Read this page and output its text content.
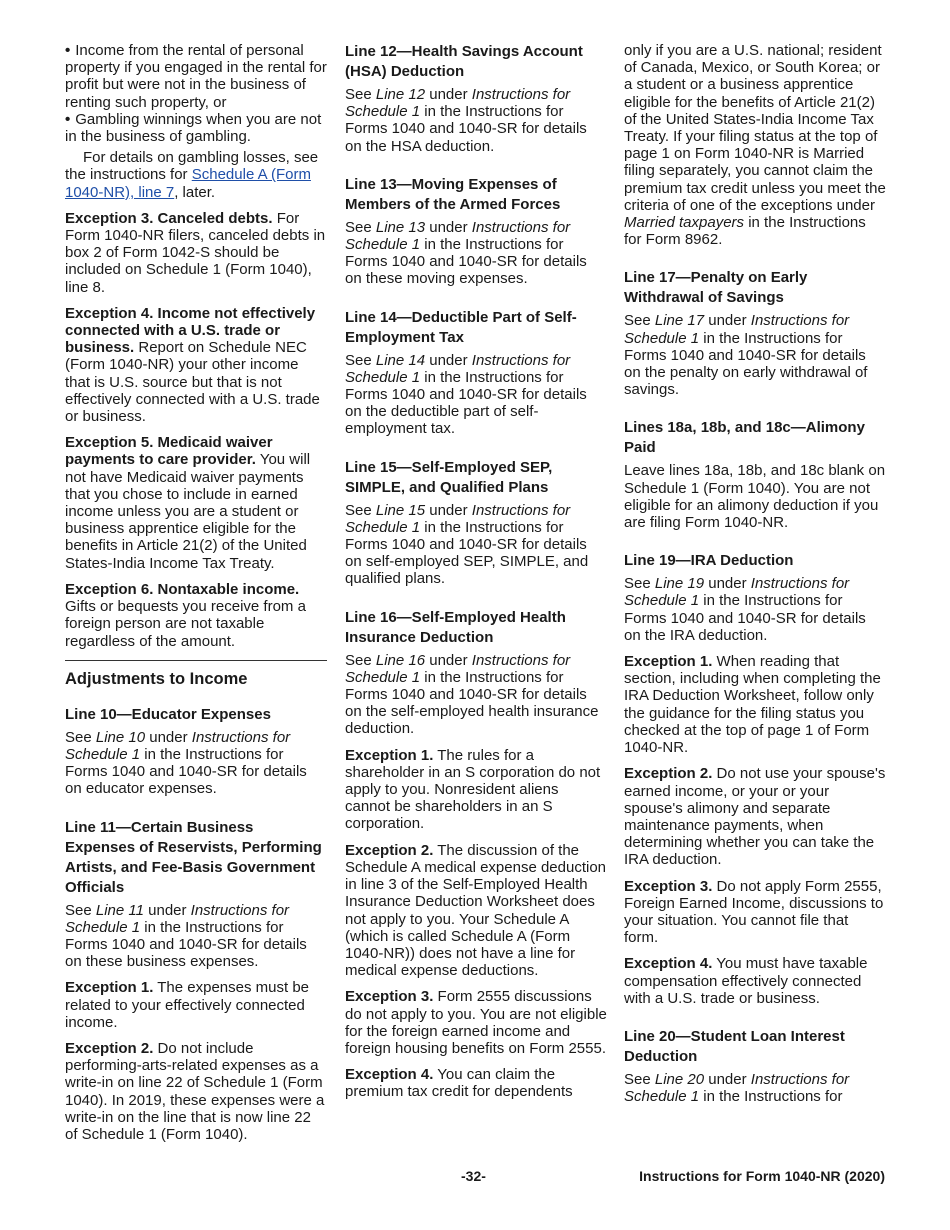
• Income from the rental of personal property if you engaged in the rental for profit but were not in the business of renting such property, or

• Gambling winnings when you are not in the business of gambling.

For details on gambling losses, see the instructions for Schedule A (Form 1040-NR), line 7, later.

Exception 3. Canceled debts. For Form 1040-NR filers, canceled debts in box 2 of Form 1042-S should be included on Schedule 1 (Form 1040), line 8.

Exception 4. Income not effectively connected with a U.S. trade or business. Report on Schedule NEC (Form 1040-NR) your other income that is U.S. source but that is not effectively connected with a U.S. trade or business.

Exception 5. Medicaid waiver payments to care provider. You will not have Medicaid waiver payments that you chose to include in earned income unless you are a student or business apprentice eligible for the benefits in Article 21(2) of the United States-India Income Tax Treaty.

Exception 6. Nontaxable income. Gifts or bequests you receive from a foreign person are not taxable regardless of the amount.

Adjustments to Income
Line 10—Educator Expenses

See Line 10 under Instructions for Schedule 1 in the Instructions for Forms 1040 and 1040-SR for details on educator expenses.

Line 11—Certain Business Expenses of Reservists, Performing Artists, and Fee-Basis Government Officials

See Line 11 under Instructions for Schedule 1 in the Instructions for Forms 1040 and 1040-SR for details on these business expenses.

Exception 1. The expenses must be related to your effectively connected income.

Exception 2. Do not include performing-arts-related expenses as a write-in on line 22 of Schedule 1 (Form 1040). In 2019, these expenses were a write-in on the line that is now line 22 of Schedule 1 (Form 1040).

Line 12—Health Savings Account (HSA) Deduction

See Line 12 under Instructions for Schedule 1 in the Instructions for Forms 1040 and 1040-SR for details on the HSA deduction.

Line 13—Moving Expenses of Members of the Armed Forces

See Line 13 under Instructions for Schedule 1 in the Instructions for Forms 1040 and 1040-SR for details on these moving expenses.

Line 14—Deductible Part of Self-Employment Tax

See Line 14 under Instructions for Schedule 1 in the Instructions for Forms 1040 and 1040-SR for details on the deductible part of self-employment tax.

Line 15—Self-Employed SEP, SIMPLE, and Qualified Plans

See Line 15 under Instructions for Schedule 1 in the Instructions for Forms 1040 and 1040-SR for details on self-employed SEP, SIMPLE, and qualified plans.

Line 16—Self-Employed Health Insurance Deduction

See Line 16 under Instructions for Schedule 1 in the Instructions for Forms 1040 and 1040-SR for details on the self-employed health insurance deduction.

Exception 1. The rules for a shareholder in an S corporation do not apply to you. Nonresident aliens cannot be shareholders in an S corporation.

Exception 2. The discussion of the Schedule A medical expense deduction in line 3 of the Self-Employed Health Insurance Deduction Worksheet does not apply to you. Your Schedule A (which is called Schedule A (Form 1040-NR)) does not have a line for medical expense deductions.

Exception 3. Form 2555 discussions do not apply to you. You are not eligible for the foreign earned income and foreign housing benefits on Form 2555.

Exception 4. You can claim the premium tax credit for dependents

only if you are a U.S. national; resident of Canada, Mexico, or South Korea; or a student or a business apprentice eligible for the benefits of Article 21(2) of the United States-India Income Tax Treaty. If your filing status at the top of page 1 on Form 1040-NR is Married filing separately, you cannot claim the premium tax credit unless you meet the criteria of one of the exceptions under Married taxpayers in the Instructions for Form 8962.

Line 17—Penalty on Early Withdrawal of Savings

See Line 17 under Instructions for Schedule 1 in the Instructions for Forms 1040 and 1040-SR for details on the penalty on early withdrawal of savings.

Lines 18a, 18b, and 18c—Alimony Paid

Leave lines 18a, 18b, and 18c blank on Schedule 1 (Form 1040). You are not eligible for an alimony deduction if you are filing Form 1040-NR.

Line 19—IRA Deduction

See Line 19 under Instructions for Schedule 1 in the Instructions for Forms 1040 and 1040-SR for details on the IRA deduction.

Exception 1. When reading that section, including when completing the IRA Deduction Worksheet, follow only the guidance for the filing status you checked at the top of page 1 of Form 1040-NR.

Exception 2. Do not use your spouse's earned income, or your or your spouse's alimony and separate maintenance payments, when determining whether you can take the IRA deduction.

Exception 3. Do not apply Form 2555, Foreign Earned Income, discussions to your situation. You cannot file that form.

Exception 4. You must have taxable compensation effectively connected with a U.S. trade or business.

Line 20—Student Loan Interest Deduction

See Line 20 under Instructions for Schedule 1 in the Instructions for

-32-	Instructions for Form 1040-NR (2020)
